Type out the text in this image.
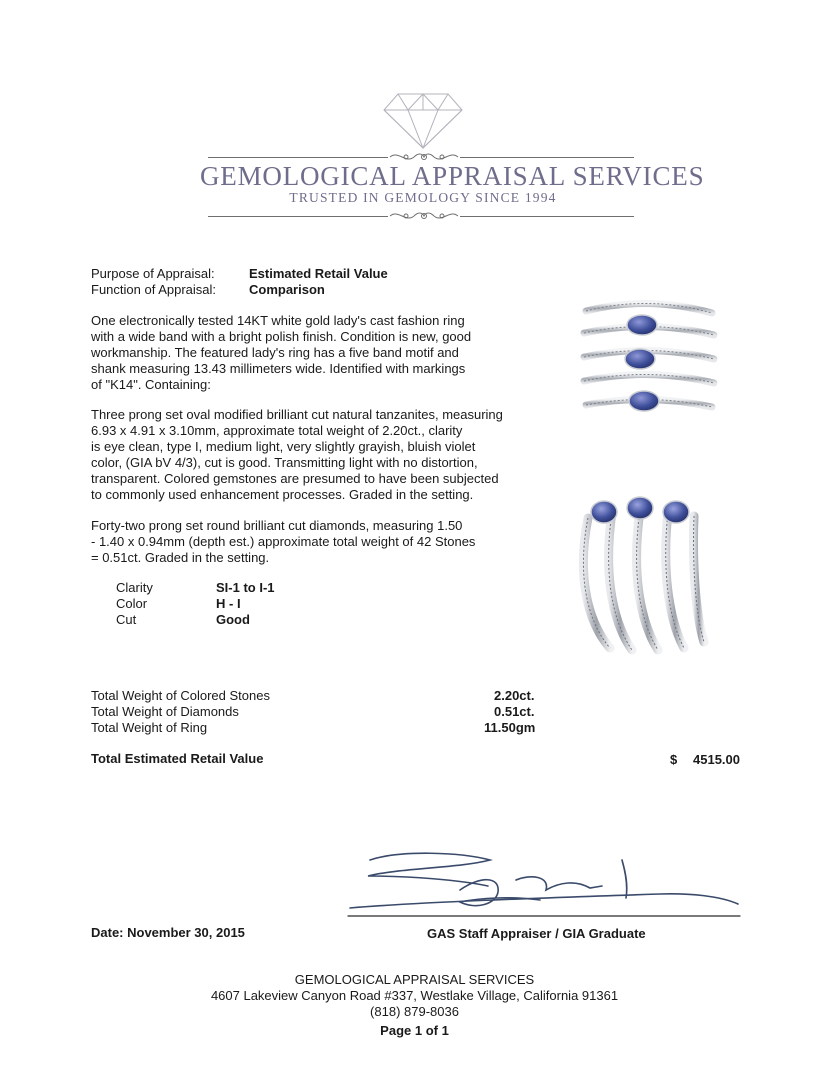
GEMOLOGICAL APPRAISAL SERVICES
TRUSTED IN GEMOLOGY SINCE 1994
Purpose of Appraisal:	Estimated Retail Value
Function of Appraisal:	Comparison
One electronically tested 14KT white gold lady's cast fashion ring
with a wide band with a bright polish finish. Condition is new, good
workmanship. The featured lady's ring has a five band motif and
shank measuring 13.43 millimeters wide. Identified with markings
of "K14". Containing:
Three prong set oval modified brilliant cut natural tanzanites, measuring
6.93 x 4.91 x 3.10mm, approximate total weight of 2.20ct., clarity
is eye clean, type I, medium light, very slightly grayish, bluish violet
color, (GIA bV 4/3), cut is good. Transmitting light with no distortion,
transparent. Colored gemstones are presumed to have been subjected
to commonly used enhancement processes. Graded in the setting.
Forty-two prong set round brilliant cut diamonds, measuring 1.50
- 1.40 x 0.94mm (depth est.) approximate total weight of 42 Stones
= 0.51ct. Graded in the setting.
Clarity	SI-1 to I-1
Color	H - I
Cut	Good
Total Weight of Colored Stones	2.20ct.
Total Weight of Diamonds	0.51ct.
Total Weight of Ring	11.50gm
Total Estimated Retail Value	$ 4515.00
Date: November 30, 2015	GAS Staff Appraiser / GIA Graduate
GEMOLOGICAL APPRAISAL SERVICES
4607 Lakeview Canyon Road #337, Westlake Village, California 91361
(818) 879-8036
Page 1 of 1
